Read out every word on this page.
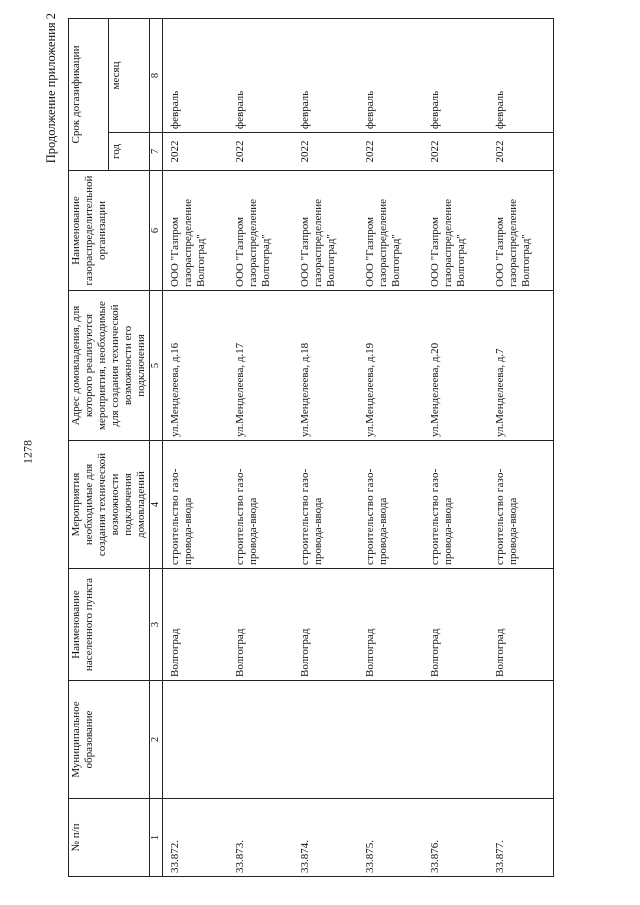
1278
Продолжение приложения 2
№ п/п	Муниципальное образование	Наименование населенного пункта	Мероприятия необходимые для создания технической возможности подключения домовладений	Адрес домовладения, для которого реализуются мероприятия, необходимые для создания технической возможности его подключения	Наименование газораспределительной организации	Срок догазификации	
						год	месяц
1	2	3	4	5	6	7	8
33.872.		Волгоград	строительство газо- провода-ввода	ул.Менделеева, д.16	ООО "Газпром газораспределение Волгоград"	2022	февраль
33.873.		Волгоград	строительство газо- провода-ввода	ул.Менделеева, д.17	ООО "Газпром газораспределение Волгоград"	2022	февраль
33.874.		Волгоград	строительство газо- провода-ввода	ул.Менделеева, д.18	ООО "Газпром газораспределение Волгоград"	2022	февраль
33.875.		Волгоград	строительство газо- провода-ввода	ул.Менделеева, д.19	ООО "Газпром газораспределение Волгоград"	2022	февраль
33.876.		Волгоград	строительство газо- провода-ввода	ул.Менделеева, д.20	ООО "Газпром газораспределение Волгоград"	2022	февраль
33.877.		Волгоград	строительство газо- провода-ввода	ул.Менделеева, д.7	ООО "Газпром газораспределение Волгоград"	2022	февраль
